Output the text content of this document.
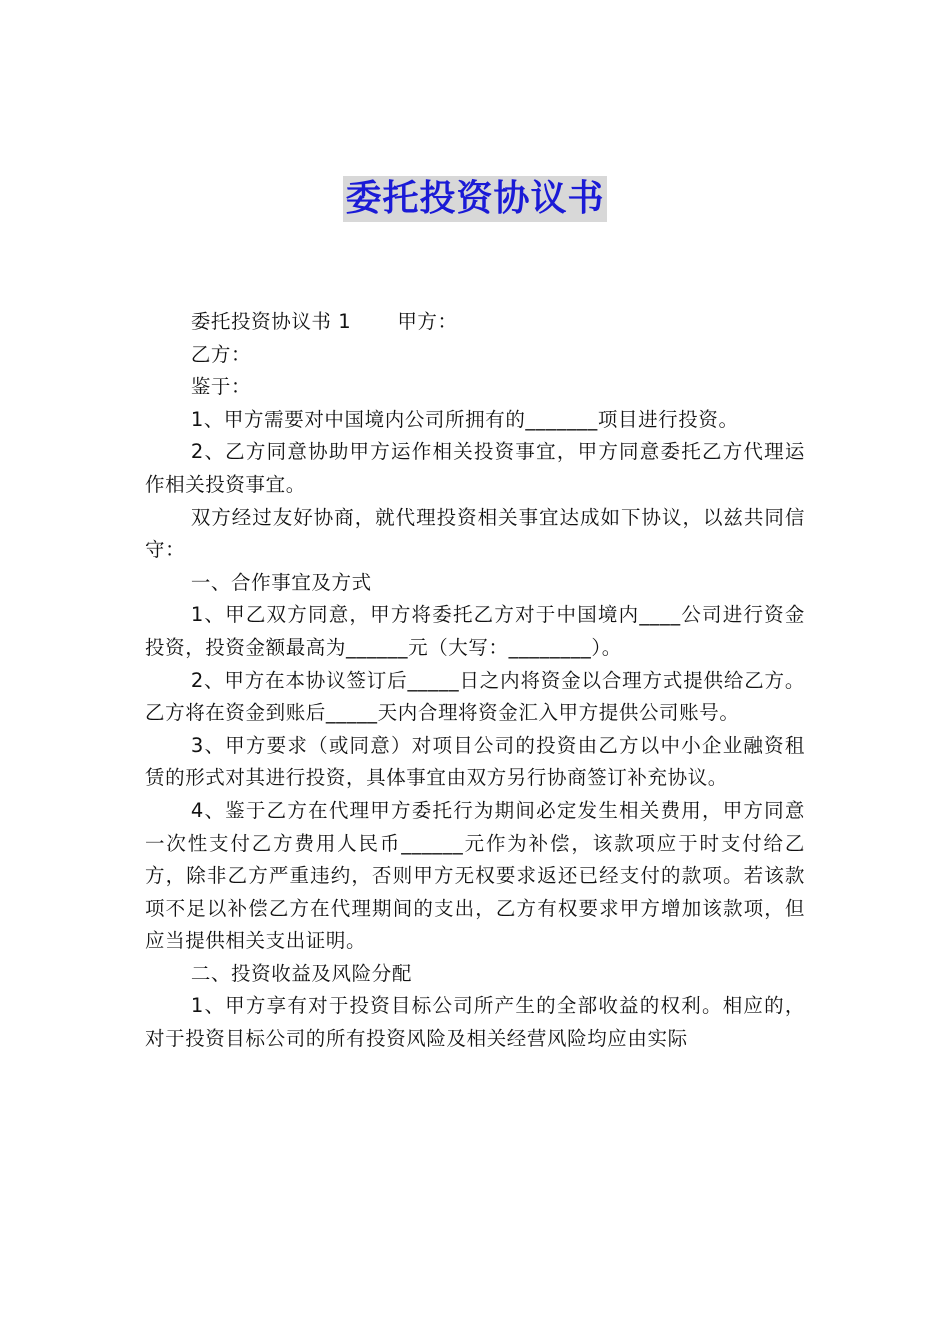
委托投资协议书

委托投资协议书 1 甲方：

乙方：

鉴于：

1、甲方需要对中国境内公司所拥有的_______项目进行投资。

2、乙方同意协助甲方运作相关投资事宜，甲方同意委托乙方代理运作相关投资事宜。

双方经过友好协商，就代理投资相关事宜达成如下协议，以兹共同信守：

一、合作事宜及方式

1、甲乙双方同意，甲方将委托乙方对于中国境内____公司进行资金投资，投资金额最高为______元（大写：________）。

2、甲方在本协议签订后_____日之内将资金以合理方式提供给乙方。乙方将在资金到账后_____天内合理将资金汇入甲方提供公司账号。

3、甲方要求（或同意）对项目公司的投资由乙方以中小企业融资租赁的形式对其进行投资，具体事宜由双方另行协商签订补充协议。

4、鉴于乙方在代理甲方委托行为期间必定发生相关费用，甲方同意一次性支付乙方费用人民币______元作为补偿，该款项应于时支付给乙方，除非乙方严重违约，否则甲方无权要求返还已经支付的款项。若该款项不足以补偿乙方在代理期间的支出，乙方有权要求甲方增加该款项，但应当提供相关支出证明。

二、投资收益及风险分配

1、甲方享有对于投资目标公司所产生的全部收益的权利。相应的，对于投资目标公司的所有投资风险及相关经营风险均应由实际
